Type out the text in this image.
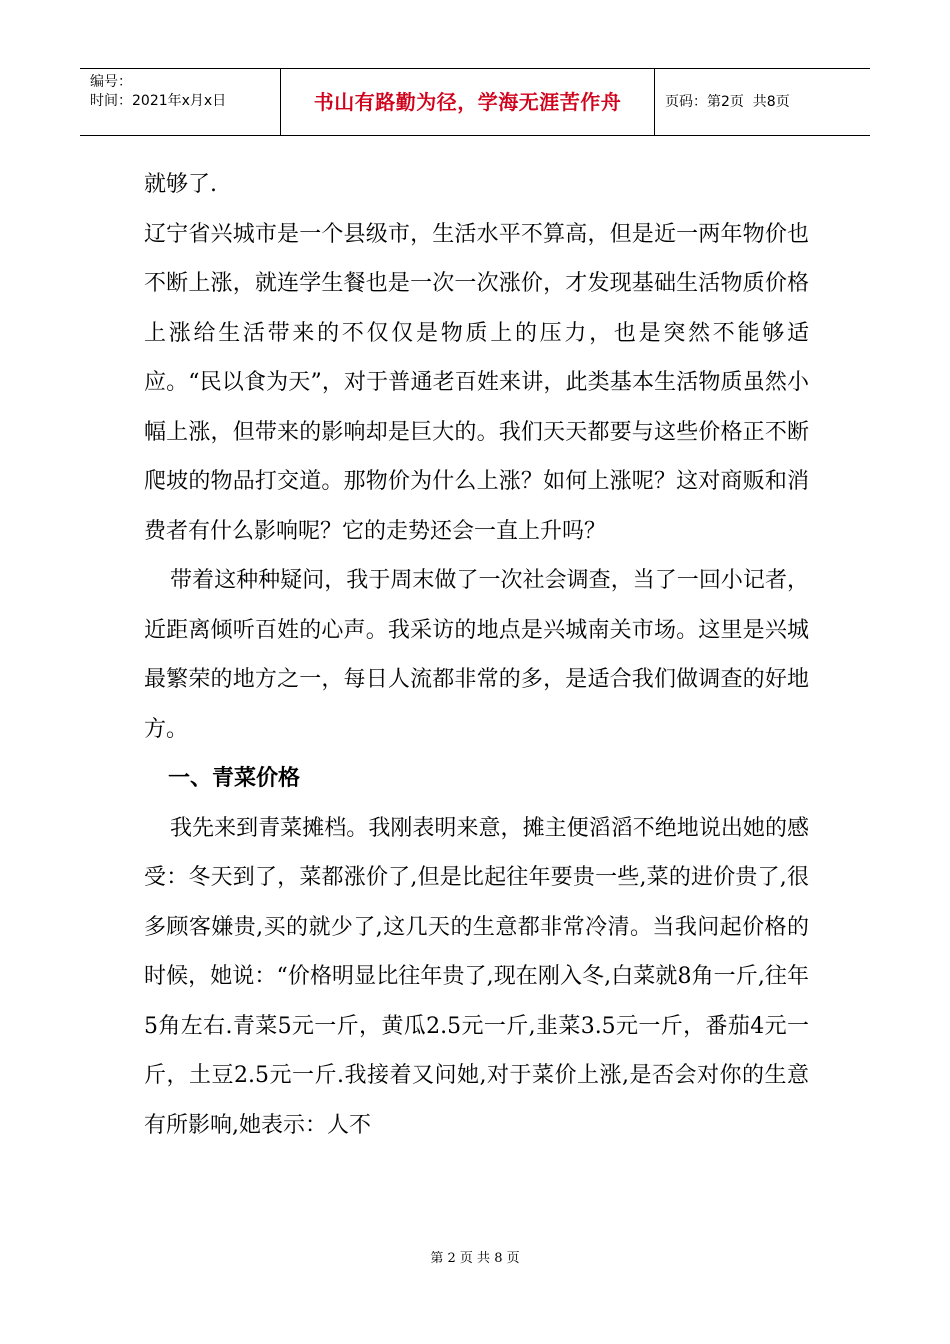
编号：
时间：2021年x月x日	书山有路勤为径，学海无涯苦作舟	页码：第2页  共8页

就够了.

辽宁省兴城市是一个县级市，生活水平不算高，但是近一两年物价也不断上涨，就连学生餐也是一次一次涨价，才发现基础生活物质价格上涨给生活带来的不仅仅是物质上的压力，也是突然不能够适应。“民以食为天”，对于普通老百姓来讲，此类基本生活物质虽然小幅上涨，但带来的影响却是巨大的。我们天天都要与这些价格正不断爬坡的物品打交道。那物价为什么上涨？如何上涨呢？这对商贩和消费者有什么影响呢？它的走势还会一直上升吗？

带着这种种疑问，我于周末做了一次社会调查，当了一回小记者，近距离倾听百姓的心声。我采访的地点是兴城南关市场。这里是兴城最繁荣的地方之一，每日人流都非常的多，是适合我们做调查的好地方。

一、青菜价格

我先来到青菜摊档。我刚表明来意，摊主便滔滔不绝地说出她的感受：冬天到了，菜都涨价了,但是比起往年要贵一些,菜的进价贵了,很多顾客嫌贵,买的就少了,这几天的生意都非常冷清。当我问起价格的时候，她说：“价格明显比往年贵了,现在刚入冬,白菜就8角一斤,往年5角左右.青菜5元一斤，黄瓜2.5元一斤,韭菜3.5元一斤，番茄4元一斤，土豆2.5元一斤.我接着又问她,对于菜价上涨,是否会对你的生意有所影响,她表示：人不

第 2 页 共 8 页
